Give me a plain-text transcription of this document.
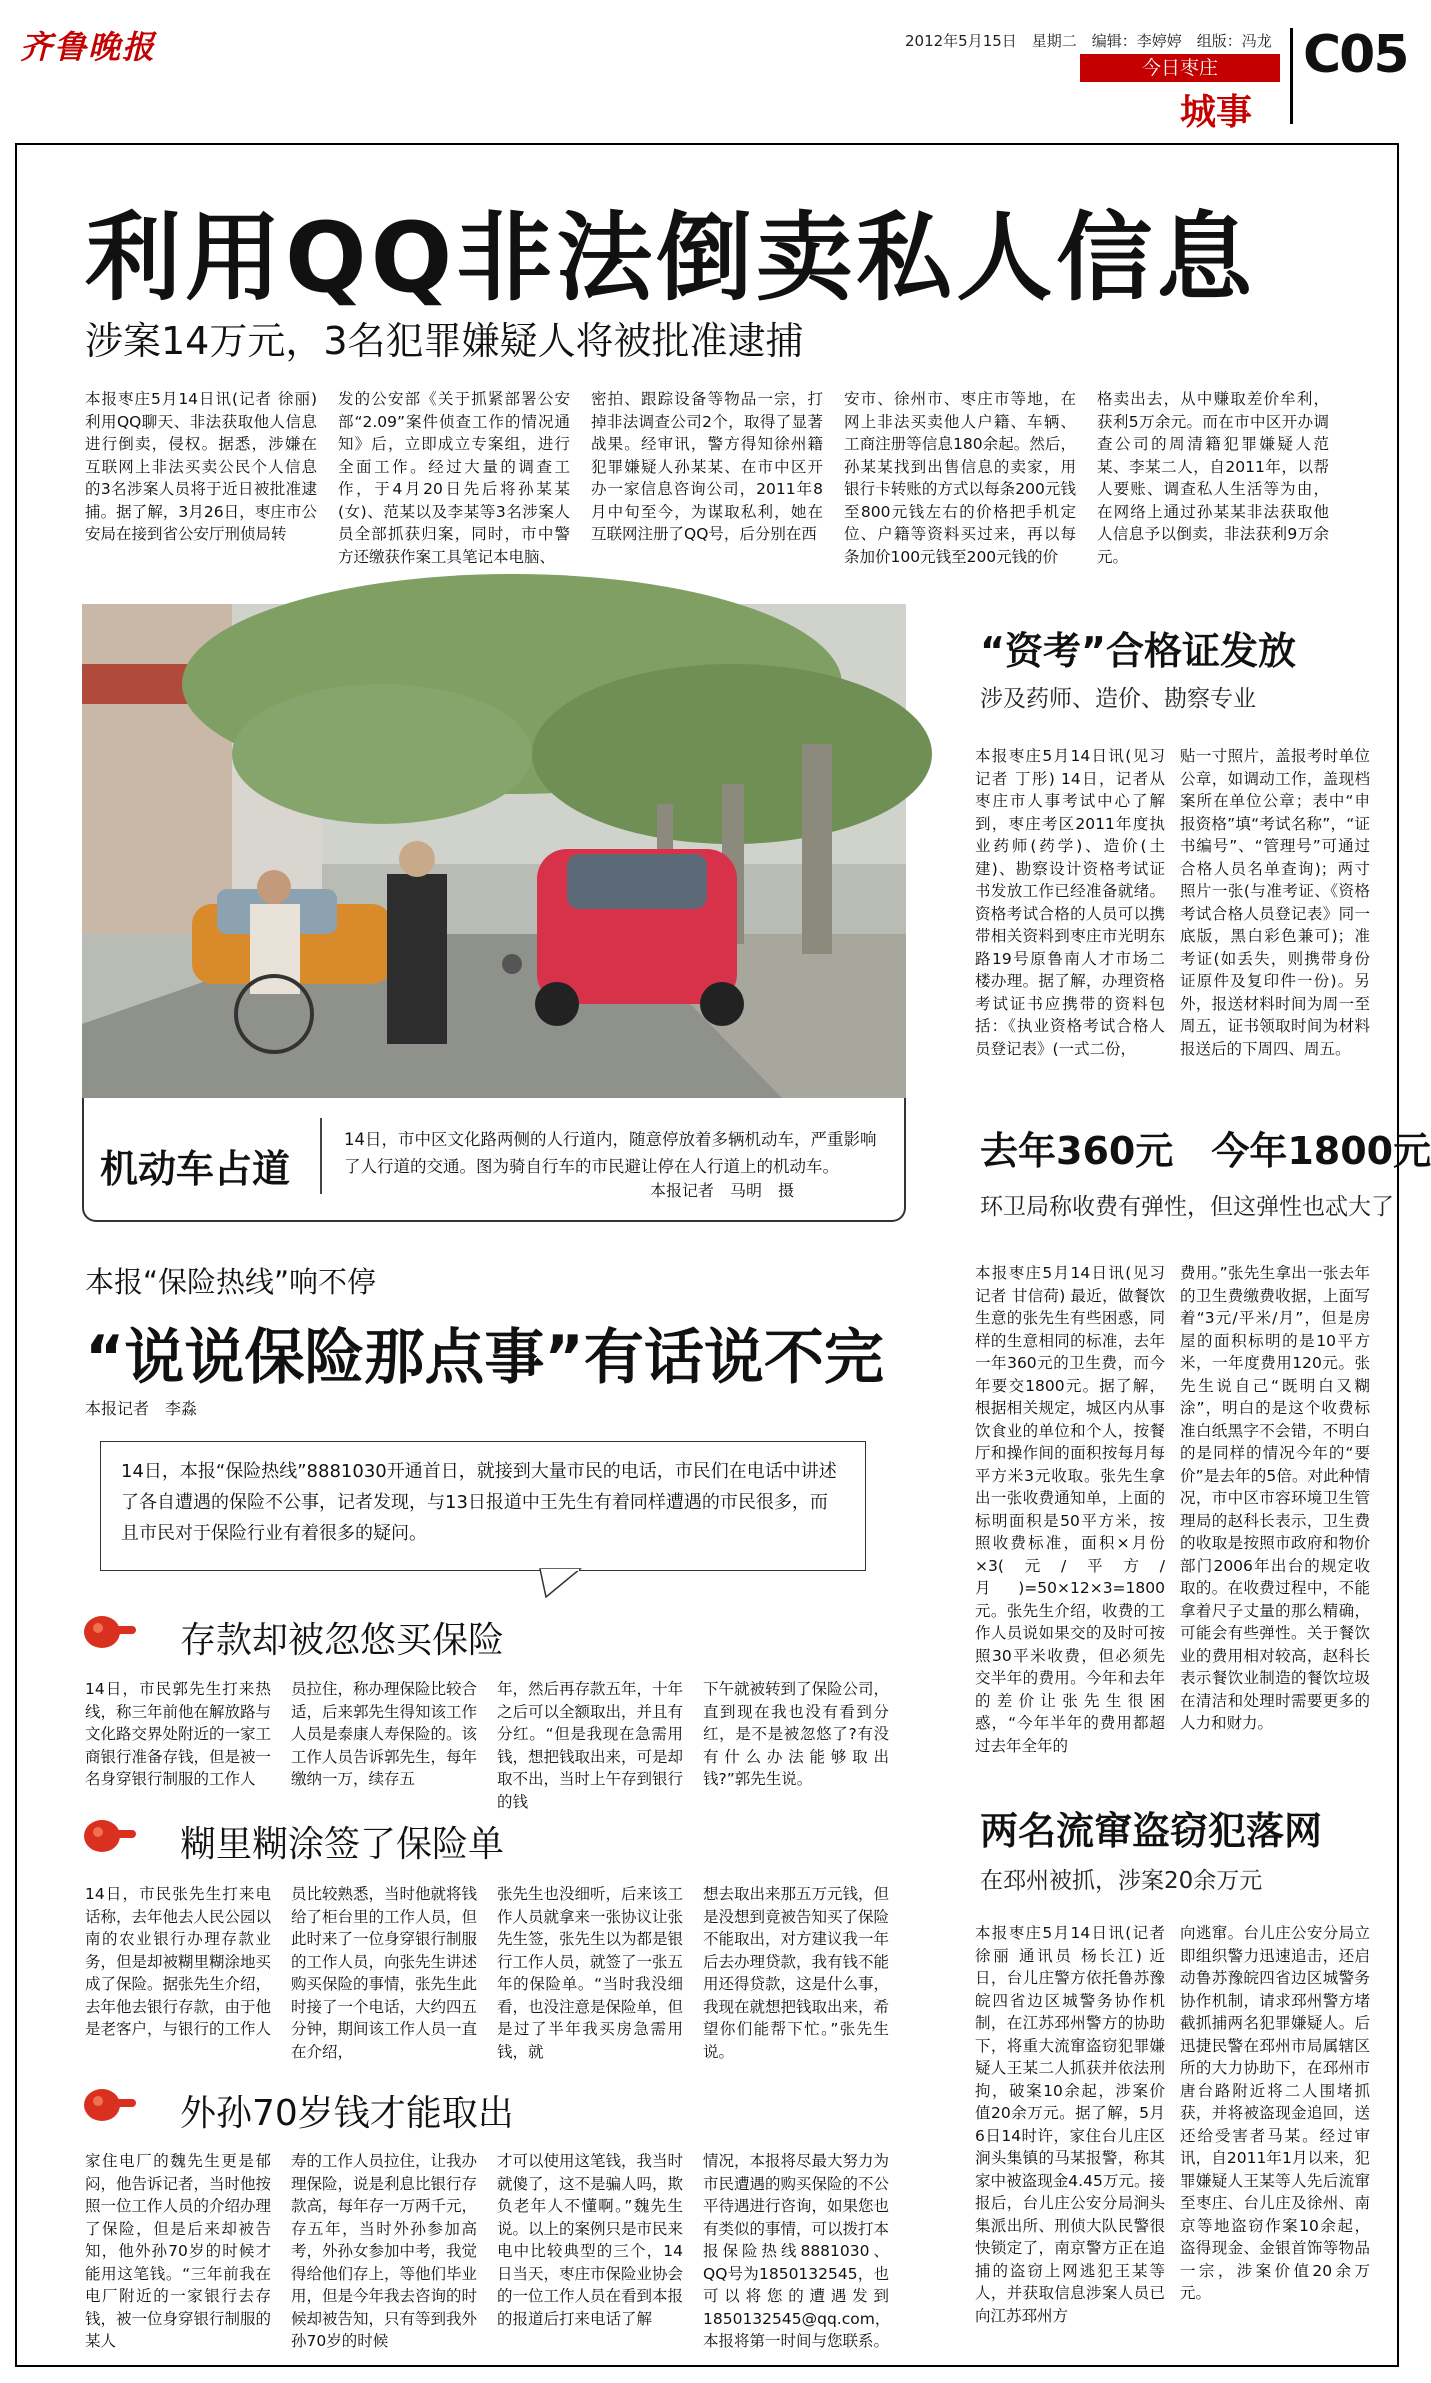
齐鲁晚报	2012年5月15日　星期二　编辑：李婷婷　组版：冯龙
今日枣庄
城事
C05
利用QQ非法倒卖私人信息
涉案14万元，3名犯罪嫌疑人将被批准逮捕
本报枣庄5月14日讯(记者 徐丽) 利用QQ聊天、非法获取他人信息进行倒卖，侵权。据悉，涉嫌在互联网上非法买卖公民个人信息的3名涉案人员将于近日被批准逮捕。据了解，3月26日，枣庄市公安局在接到省公安厅刑侦局转
发的公安部《关于抓紧部署公安部“2.09”案件侦查工作的情况通知》后，立即成立专案组，进行全面工作。经过大量的调查工作，于4月20日先后将孙某某(女)、范某以及李某等3名涉案人员全部抓获归案，同时，市中警方还缴获作案工具笔记本电脑、
密拍、跟踪设备等物品一宗，打掉非法调查公司2个，取得了显著战果。经审讯，警方得知徐州籍犯罪嫌疑人孙某某、在市中区开办一家信息咨询公司，2011年8月中旬至今，为谋取私利，她在互联网注册了QQ号，后分别在西
安市、徐州市、枣庄市等地，在网上非法买卖他人户籍、车辆、工商注册等信息180余起。然后，孙某某找到出售信息的卖家，用银行卡转账的方式以每条200元钱至800元钱左右的价格把手机定位、户籍等资料买过来，再以每条加价100元钱至200元钱的价
格卖出去，从中赚取差价牟利，获利5万余元。而在市中区开办调查公司的周清籍犯罪嫌疑人范某、李某二人，自2011年，以帮人要账、调查私人生活等为由，在网络上通过孙某某非法获取他人信息予以倒卖，非法获利9万余元。
机动车占道
14日，市中区文化路两侧的人行道内，随意停放着多辆机动车，严重影响了人行道的交通。图为骑自行车的市民避让停在人行道上的机动车。
本报记者　马明　摄
本报“保险热线”响不停
“说说保险那点事”有话说不完
本报记者　李淼
14日，本报“保险热线”8881030开通首日，就接到大量市民的电话，市民们在电话中讲述了各自遭遇的保险不公事，记者发现，与13日报道中王先生有着同样遭遇的市民很多，而且市民对于保险行业有着很多的疑问。
存款却被忽悠买保险
14日，市民郭先生打来热线，称三年前他在解放路与文化路交界处附近的一家工商银行准备存钱，但是被一名身穿银行制服的工作人
员拉住，称办理保险比较合适，后来郭先生得知该工作人员是泰康人寿保险的。该工作人员告诉郭先生，每年缴纳一万，续存五
年，然后再存款五年，十年之后可以全额取出，并且有分红。“但是我现在急需用钱，想把钱取出来，可是却取不出，当时上午存到银行的钱
下午就被转到了保险公司，直到现在我也没有看到分红，是不是被忽悠了?有没有什么办法能够取出钱?”郭先生说。
糊里糊涂签了保险单
14日，市民张先生打来电话称，去年他去人民公园以南的农业银行办理存款业务，但是却被糊里糊涂地买成了保险。据张先生介绍，去年他去银行存款，由于他是老客户，与银行的工作人
员比较熟悉，当时他就将钱给了柜台里的工作人员，但此时来了一位身穿银行制服的工作人员，向张先生讲述购买保险的事情，张先生此时接了一个电话，大约四五分钟，期间该工作人员一直在介绍，
张先生也没细听，后来该工作人员就拿来一张协议让张先生签，张先生以为都是银行工作人员，就签了一张五年的保险单。“当时我没细看，也没注意是保险单，但是过了半年我买房急需用钱，就
想去取出来那五万元钱，但是没想到竟被告知买了保险不能取出，对方建议我一年后去办理贷款，我有钱不能用还得贷款，这是什么事，我现在就想把钱取出来，希望你们能帮下忙。”张先生说。
外孙70岁钱才能取出
家住电厂的魏先生更是郁闷，他告诉记者，当时他按照一位工作人员的介绍办理了保险，但是后来却被告知，他外孙70岁的时候才能用这笔钱。“三年前我在电厂附近的一家银行去存钱，被一位身穿银行制服的某人
寿的工作人员拉住，让我办理保险，说是利息比银行存款高，每年存一万两千元，存五年，当时外孙参加高考，外孙女参加中考，我觉得给他们存上，等他们毕业用，但是今年我去咨询的时候却被告知，只有等到我外孙70岁的时候
才可以使用这笔钱，我当时就傻了，这不是骗人吗，欺负老年人不懂啊。”魏先生说。以上的案例只是市民来电中比较典型的三个，14日当天，枣庄市保险业协会的一位工作人员在看到本报的报道后打来电话了解
情况，本报将尽最大努力为市民遭遇的购买保险的不公平待遇进行咨询，如果您也有类似的事情，可以拨打本报保险热线8881030、QQ号为1850132545，也可以将您的遭遇发到1850132545@qq.com，本报将第一时间与您联系。
“资考”合格证发放
涉及药师、造价、勘察专业
本报枣庄5月14日讯(见习记者 丁彤) 14日，记者从枣庄市人事考试中心了解到，枣庄考区2011年度执业药师(药学)、造价(土建)、勘察设计资格考试证书发放工作已经准备就绪。资格考试合格的人员可以携带相关资料到枣庄市光明东路19号原鲁南人才市场二楼办理。据了解，办理资格考试证书应携带的资料包括：《执业资格考试合格人员登记表》(一式二份，
贴一寸照片，盖报考时单位公章，如调动工作，盖现档案所在单位公章；表中“申报资格”填“考试名称”，“证书编号”、“管理号”可通过合格人员名单查询)；两寸照片一张(与准考证、《资格考试合格人员登记表》同一底版，黑白彩色兼可)；准考证(如丢失，则携带身份证原件及复印件一份)。另外，报送材料时间为周一至周五，证书领取时间为材料报送后的下周四、周五。
去年360元　今年1800元
环卫局称收费有弹性，但这弹性也忒大了
本报枣庄5月14日讯(见习记者 甘信荷) 最近，做餐饮生意的张先生有些困惑，同样的生意相同的标准，去年一年360元的卫生费，而今年要交1800元。据了解，根据相关规定，城区内从事饮食业的单位和个人，按餐厅和操作间的面积按每月每平方米3元收取。张先生拿出一张收费通知单，上面的标明面积是50平方米，按照收费标准，面积×月份×3(元/平方/月)=50×12×3=1800元。张先生介绍，收费的工作人员说如果交的及时可按照30平米收费，但必须先交半年的费用。今年和去年的差价让张先生很困惑，“今年半年的费用都超过去年全年的
费用。”张先生拿出一张去年的卫生费缴费收据，上面写着“3元/平米/月”，但是房屋的面积标明的是10平方米，一年度费用120元。张先生说自己“既明白又糊涂”，明白的是这个收费标准白纸黑字不会错，不明白的是同样的情况今年的“要价”是去年的5倍。对此种情况，市中区市容环境卫生管理局的赵科长表示，卫生费的收取是按照市政府和物价部门2006年出台的规定收取的。在收费过程中，不能拿着尺子丈量的那么精确，可能会有些弹性。关于餐饮业的费用相对较高，赵科长表示餐饮业制造的餐饮垃圾在清洁和处理时需要更多的人力和财力。
两名流窜盗窃犯落网
在邳州被抓，涉案20余万元
本报枣庄5月14日讯(记者 徐丽 通讯员 杨长江) 近日，台儿庄警方依托鲁苏豫皖四省边区城警务协作机制，在江苏邳州警方的协助下，将重大流窜盗窃犯罪嫌疑人王某二人抓获并依法刑拘，破案10余起，涉案价值20余万元。据了解，5月6日14时许，家住台儿庄区涧头集镇的马某报警，称其家中被盗现金4.45万元。接报后，台儿庄公安分局涧头集派出所、刑侦大队民警很快锁定了，南京警方正在追捕的盗窃上网逃犯王某等人，并获取信息涉案人员已向江苏邳州方
向逃窜。台儿庄公安分局立即组织警力迅速追击，还启动鲁苏豫皖四省边区城警务协作机制，请求邳州警方堵截抓捕两名犯罪嫌疑人。后迅捷民警在邳州市局属辖区所的大力协助下，在邳州市唐台路附近将二人围堵抓获，并将被盗现金追回，送还给受害者马某。经过审讯，自2011年1月以来，犯罪嫌疑人王某等人先后流窜至枣庄、台儿庄及徐州、南京等地盗窃作案10余起，盗得现金、金银首饰等物品一宗，涉案价值20余万元。
